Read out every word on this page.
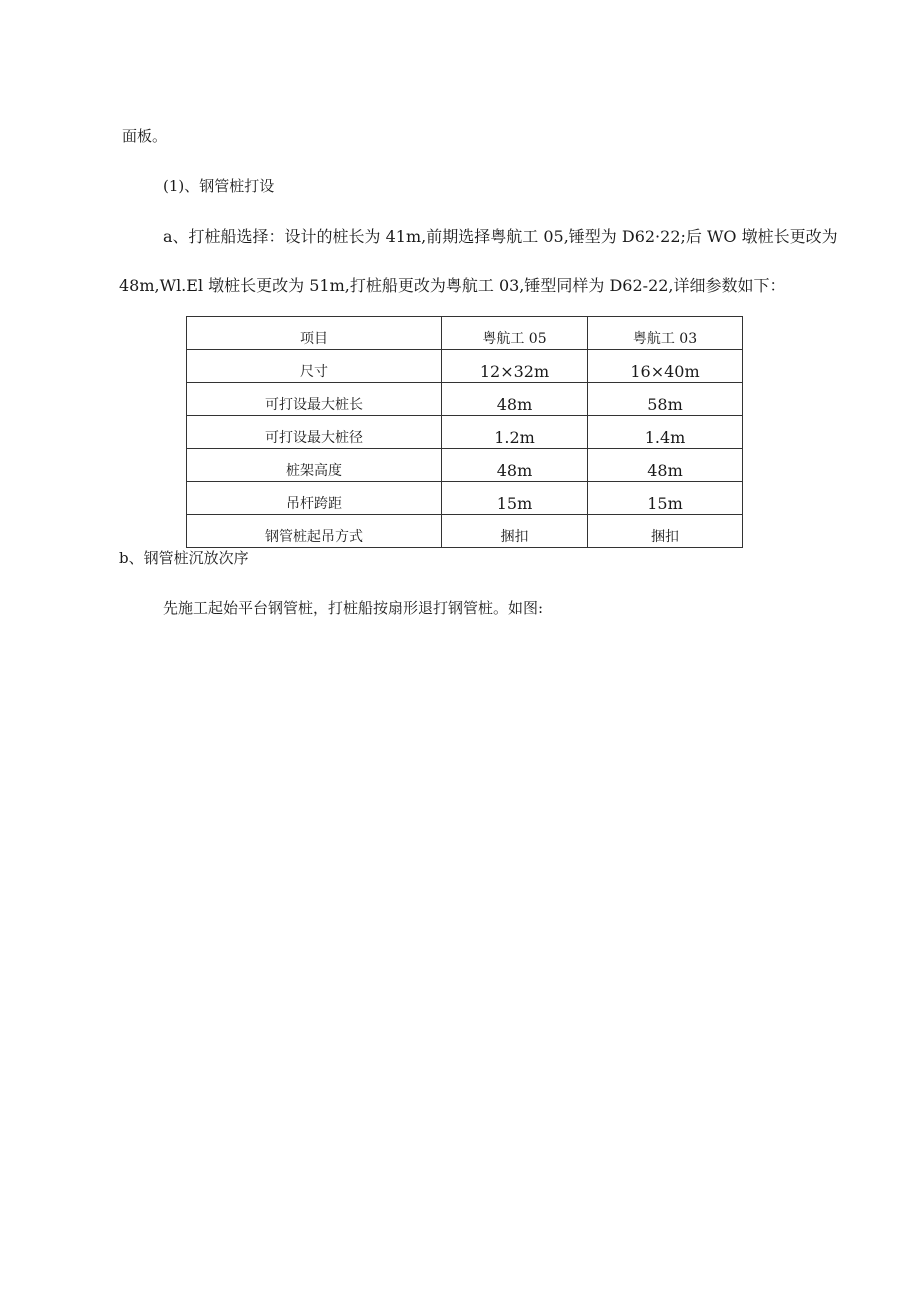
面板。
(1)、钢管桩打设
a、打桩船选择：设计的桩长为 41m,前期选择粤航工 05,锤型为 D62·22;后 WO 墩桩长更改为
48m,Wl.El 墩桩长更改为 51m,打桩船更改为粤航工 03,锤型同样为 D62-22,详细参数如下：
项目	粤航工 05	粤航工 03
尺寸	12×32m	16×40m
可打设最大桩长	48m	58m
可打设最大桩径	1.2m	1.4m
桩架高度	48m	48m
吊杆跨距	15m	15m
钢管桩起吊方式	捆扣	捆扣
b、钢管桩沉放次序
先施工起始平台钢管桩，打桩船按扇形退打钢管桩。如图:
